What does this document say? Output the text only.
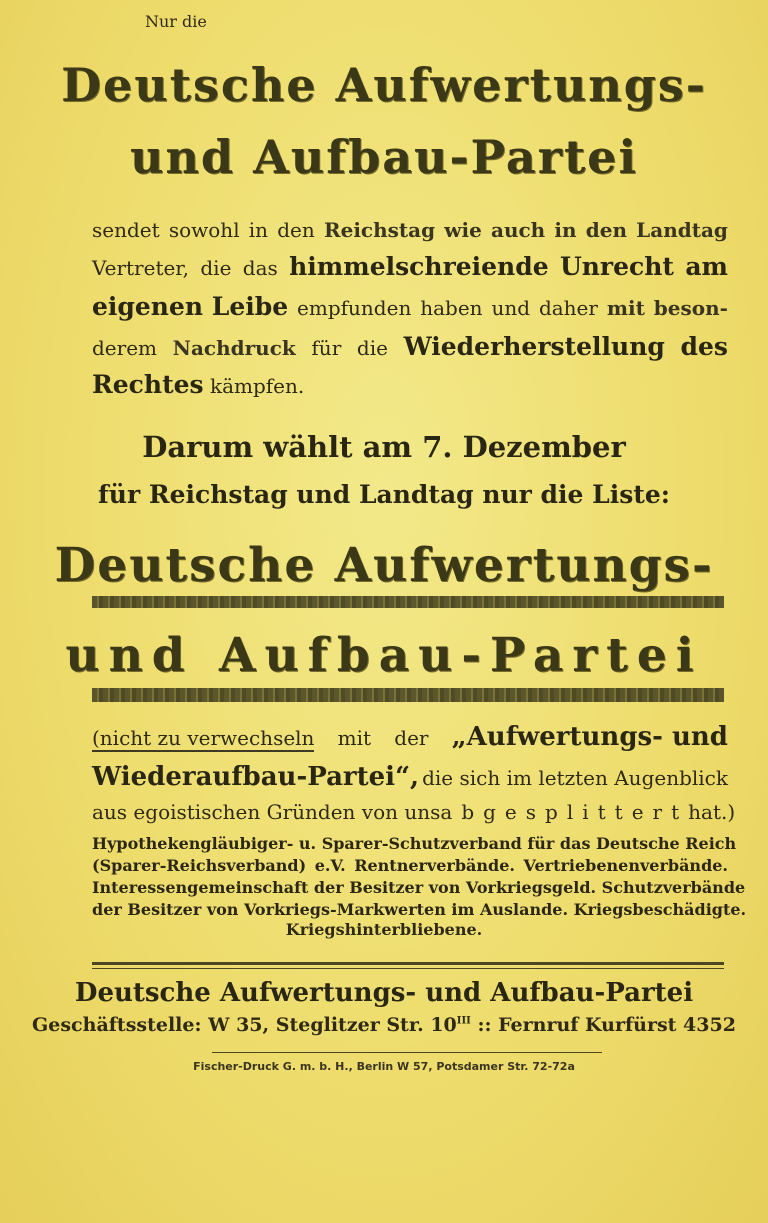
Nur die
Deutsche Aufwertungs-
und Aufbau-Partei
sendet sowohl in den Reichstag wie auch in den Landtag
Vertreter, die das himmelschreiende Unrecht am
eigenen Leibe empfunden haben und daher mit beson-
derem Nachdruck für die Wiederherstellung des
Rechtes kämpfen.
Darum wählt am 7. Dezember
für Reichstag und Landtag nur die Liste:
Deutsche Aufwertungs-
und Aufbau-Partei
(nicht zu verwechseln mit der „Aufwertungs- und
Wiederaufbau-Partei“, die sich im letzten Augenblick
aus egoistischen Gründen von uns abgesplittert hat.)
Hypothekengläubiger- u. Sparer-Schutzverband für das Deutsche Reich
(Sparer-Reichsverband) e.V. Rentnerverbände. Vertriebenenverbände.
Interessengemeinschaft der Besitzer von Vorkriegsgeld. Schutzverbände
der Besitzer von Vorkriegs-Markwerten im Auslande. Kriegsbeschädigte.
Kriegshinterbliebene.
Deutsche Aufwertungs- und Aufbau-Partei
Geschäftsstelle: W 35, Steglitzer Str. $10^{III}$ :: Fernruf Kurfürst 4352
Fischer-Druck G. m. b. H., Berlin W 57, Potsdamer Str. 72-72a
